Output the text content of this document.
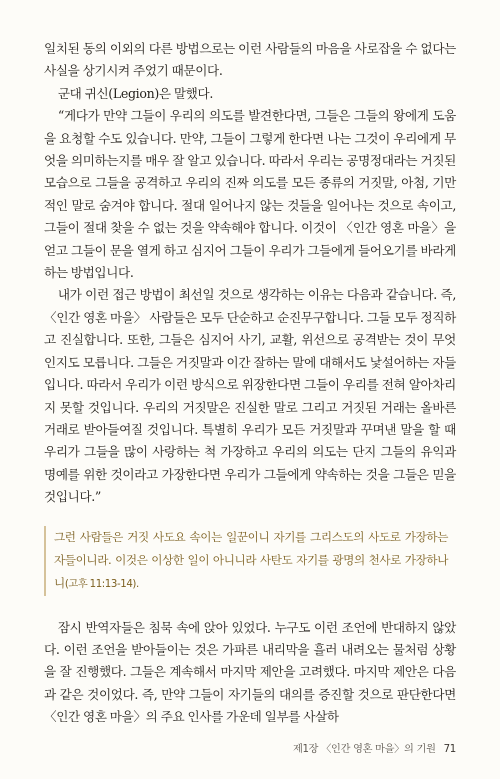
일치된 동의 이외의 다른 방법으로는 이런 사람들의 마음을 사로잡을 수 없다는 사실을 상기시켜 주었기 때문이다.

군대 귀신(Legion)은 말했다.

“게다가 만약 그들이 우리의 의도를 발견한다면, 그들은 그들의 왕에게 도움을 요청할 수도 있습니다. 만약, 그들이 그렇게 한다면 나는 그것이 우리에게 무엇을 의미하는지를 매우 잘 알고 있습니다. 따라서 우리는 공명정대라는 거짓된 모습으로 그들을 공격하고 우리의 진짜 의도를 모든 종류의 거짓말, 아첨, 기만적인 말로 숨겨야 합니다. 절대 일어나지 않는 것들을 일어나는 것으로 속이고, 그들이 절대 찾을 수 없는 것을 약속해야 합니다. 이것이 〈인간 영혼 마을〉을 얻고 그들이 문을 열게 하고 심지어 그들이 우리가 그들에게 들어오기를 바라게 하는 방법입니다.

내가 이런 접근 방법이 최선일 것으로 생각하는 이유는 다음과 같습니다. 즉, 〈인간 영혼 마을〉 사람들은 모두 단순하고 순진무구합니다. 그들 모두 정직하고 진실합니다. 또한, 그들은 심지어 사기, 교활, 위선으로 공격받는 것이 무엇인지도 모릅니다. 그들은 거짓말과 이간 잘하는 말에 대해서도 낯설어하는 자들입니다. 따라서 우리가 이런 방식으로 위장한다면 그들이 우리를 전혀 알아차리지 못할 것입니다. 우리의 거짓말은 진실한 말로 그리고 거짓된 거래는 올바른 거래로 받아들여질 것입니다. 특별히 우리가 모든 거짓말과 꾸며낸 말을 할 때 우리가 그들을 많이 사랑하는 척 가장하고 우리의 의도는 단지 그들의 유익과 명예를 위한 것이라고 가장한다면 우리가 그들에게 약속하는 것을 그들은 믿을 것입니다.”

그런 사람들은 거짓 사도요 속이는 일꾼이니 자기를 그리스도의 사도로 가장하는 자들이니라. 이것은 이상한 일이 아니니라 사탄도 자기를 광명의 천사로 가장하나니(고후 11:13-14).

잠시 반역자들은 침묵 속에 앉아 있었다. 누구도 이런 조언에 반대하지 않았다. 이런 조언을 받아들이는 것은 가파른 내리막을 흘러 내려오는 물처럼 상황을 잘 진행했다. 그들은 계속해서 마지막 제안을 고려했다. 마지막 제안은 다음과 같은 것이었다. 즉, 만약 그들이 자기들의 대의를 증진할 것으로 판단한다면 〈인간 영혼 마을〉의 주요 인사를 가운데 일부를 사살하

제1장 〈인간 영혼 마을〉의 기원 71
